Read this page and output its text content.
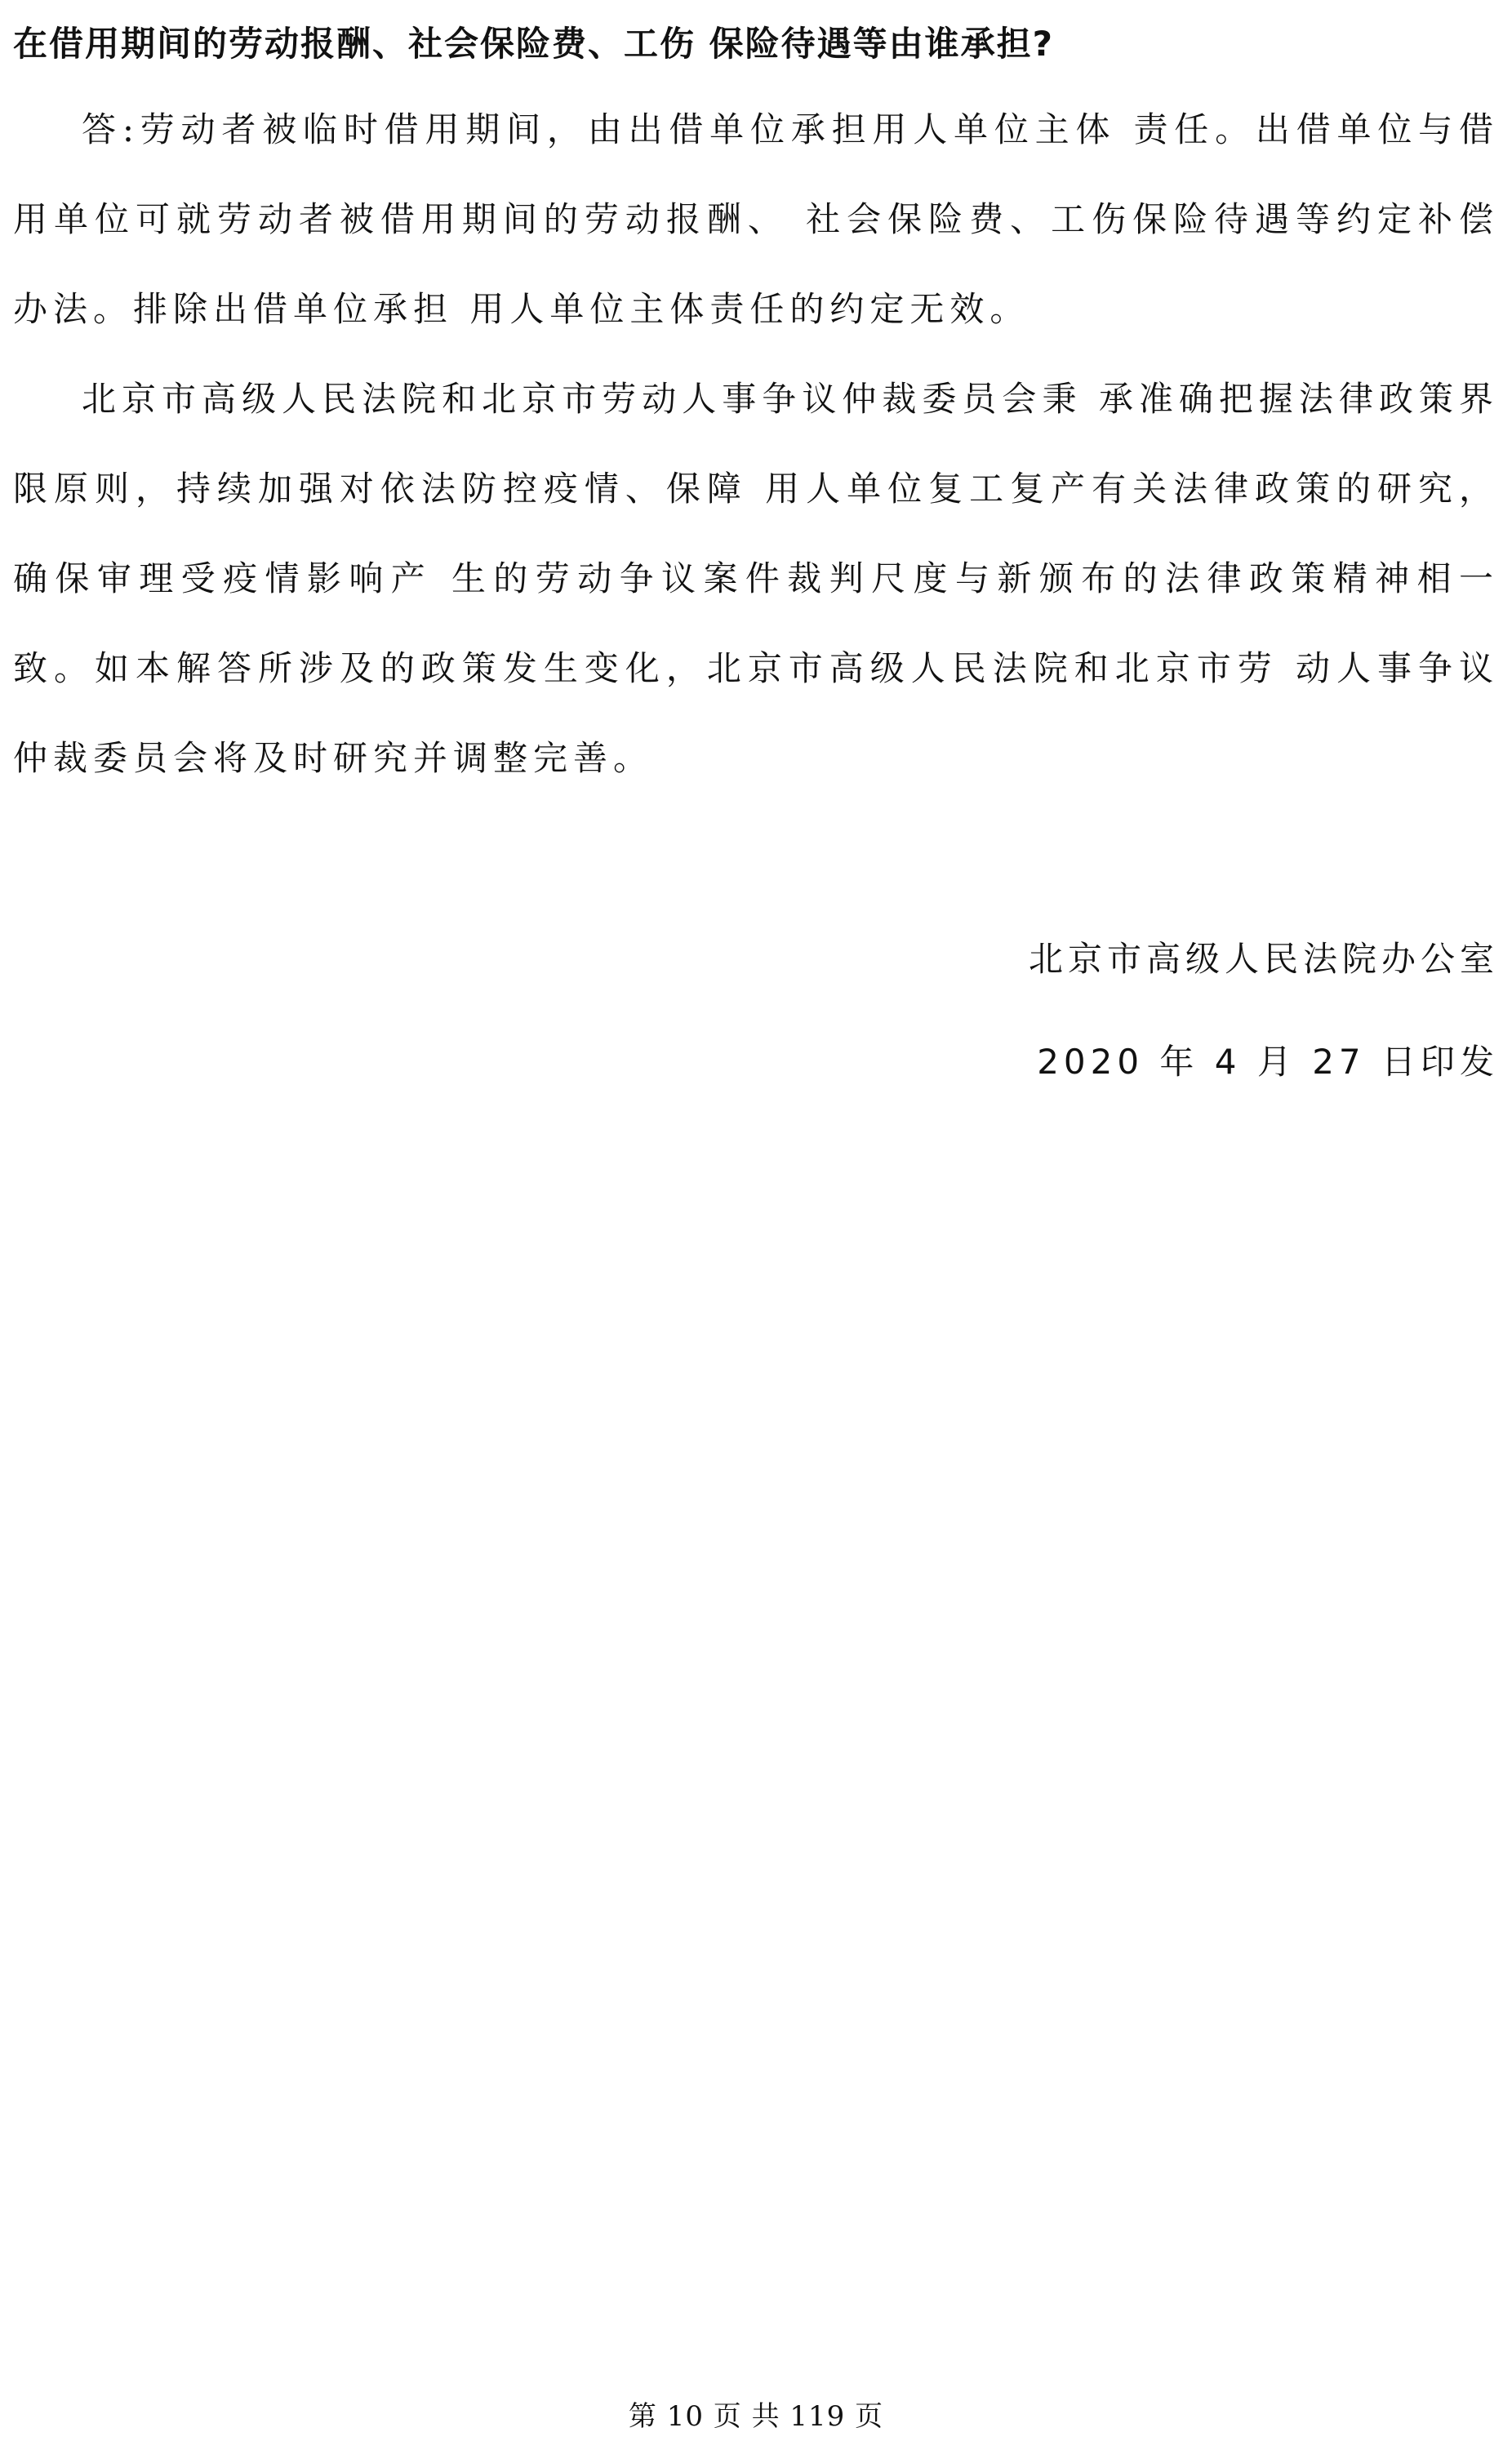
在借用期间的劳动报酬、社会保险费、工伤 保险待遇等由谁承担?

答:劳动者被临时借用期间，由出借单位承担用人单位主体 责任。出借单位与借用单位可就劳动者被借用期间的劳动报酬、 社会保险费、工伤保险待遇等约定补偿办法。排除出借单位承担 用人单位主体责任的约定无效。

北京市高级人民法院和北京市劳动人事争议仲裁委员会秉 承准确把握法律政策界限原则，持续加强对依法防控疫情、保障 用人单位复工复产有关法律政策的研究，确保审理受疫情影响产 生的劳动争议案件裁判尺度与新颁布的法律政策精神相一致。如本解答所涉及的政策发生变化，北京市高级人民法院和北京市劳 动人事争议仲裁委员会将及时研究并调整完善。

北京市高级人民法院办公室
2020 年 4 月 27 日印发
第 10 页 共 119 页
